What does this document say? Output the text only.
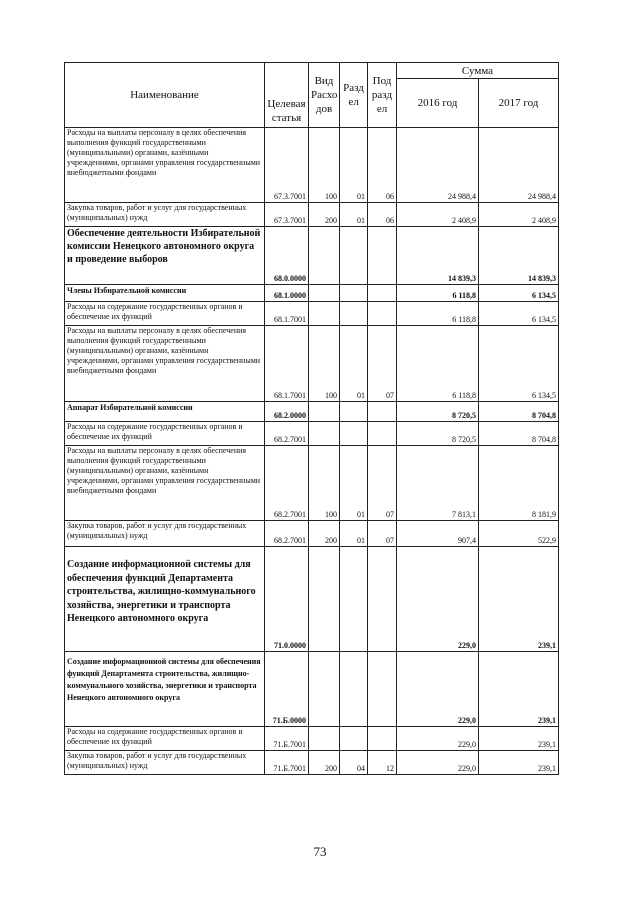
Наименование	Целевая статья	Вид Расхо дов	Разд ел	Под разд ел	Сумма	
					2016 год	2017 год
Расходы на выплаты персоналу в целях обеспечения выполнения функций государственными (муниципальными) органами, казёнными учреждениями, органами управления государственными внебюджетными фондами	67.3.7001	100	01	06	24 988,4	24 988,4
Закупка товаров, работ и услуг для государственных (муниципальных) нужд	67.3.7001	200	01	06	2 408,9	2 408,9
Обеспечение деятельности Избирательной комиссии Ненецкого автономного округа и проведение выборов	68.0.0000				14 839,3	14 839,3
Члены Избирательной комиссии	68.1.0000				6 118,8	6 134,5
Расходы на содержание государственных органов и обеспечение их функций	68.1.7001				6 118,8	6 134,5
Расходы на выплаты персоналу в целях обеспечения выполнения функций государственными (муниципальными) органами, казёнными учреждениями, органами управления государственными внебюджетными фондами	68.1.7001	100	01	07	6 118,8	6 134,5
Аппарат Избирательной комиссии	68.2.0000				8 720,5	8 704,8
Расходы на содержание государственных органов и обеспечение их функций	68.2.7001				8 720,5	8 704,8
Расходы на выплаты персоналу в целях обеспечения выполнения функций государственными (муниципальными) органами, казёнными учреждениями, органами управления государственными внебюджетными фондами	68.2.7001	100	01	07	7 813,1	8 181,9
Закупка товаров, работ и услуг для государственных (муниципальных) нужд	68.2.7001	200	01	07	907,4	522,9
Создание информационной системы для обеспечения функций Департамента строительства, жилищно-коммунального хозяйства, энергетики и транспорта Ненецкого автономного округа	71.0.0000				229,0	239,1
Создание информационной системы для обеспечения функций Департамента строительства, жилищно-коммунального хозяйства, энергетики и транспорта Ненецкого автономного округа	71.Б.0000				229,0	239,1
Расходы на содержание государственных органов и обеспечение их функций	71.Б.7001				229,0	239,1
Закупка товаров, работ и услуг для государственных (муниципальных) нужд	71.Б.7001	200	04	12	229,0	239,1
73
